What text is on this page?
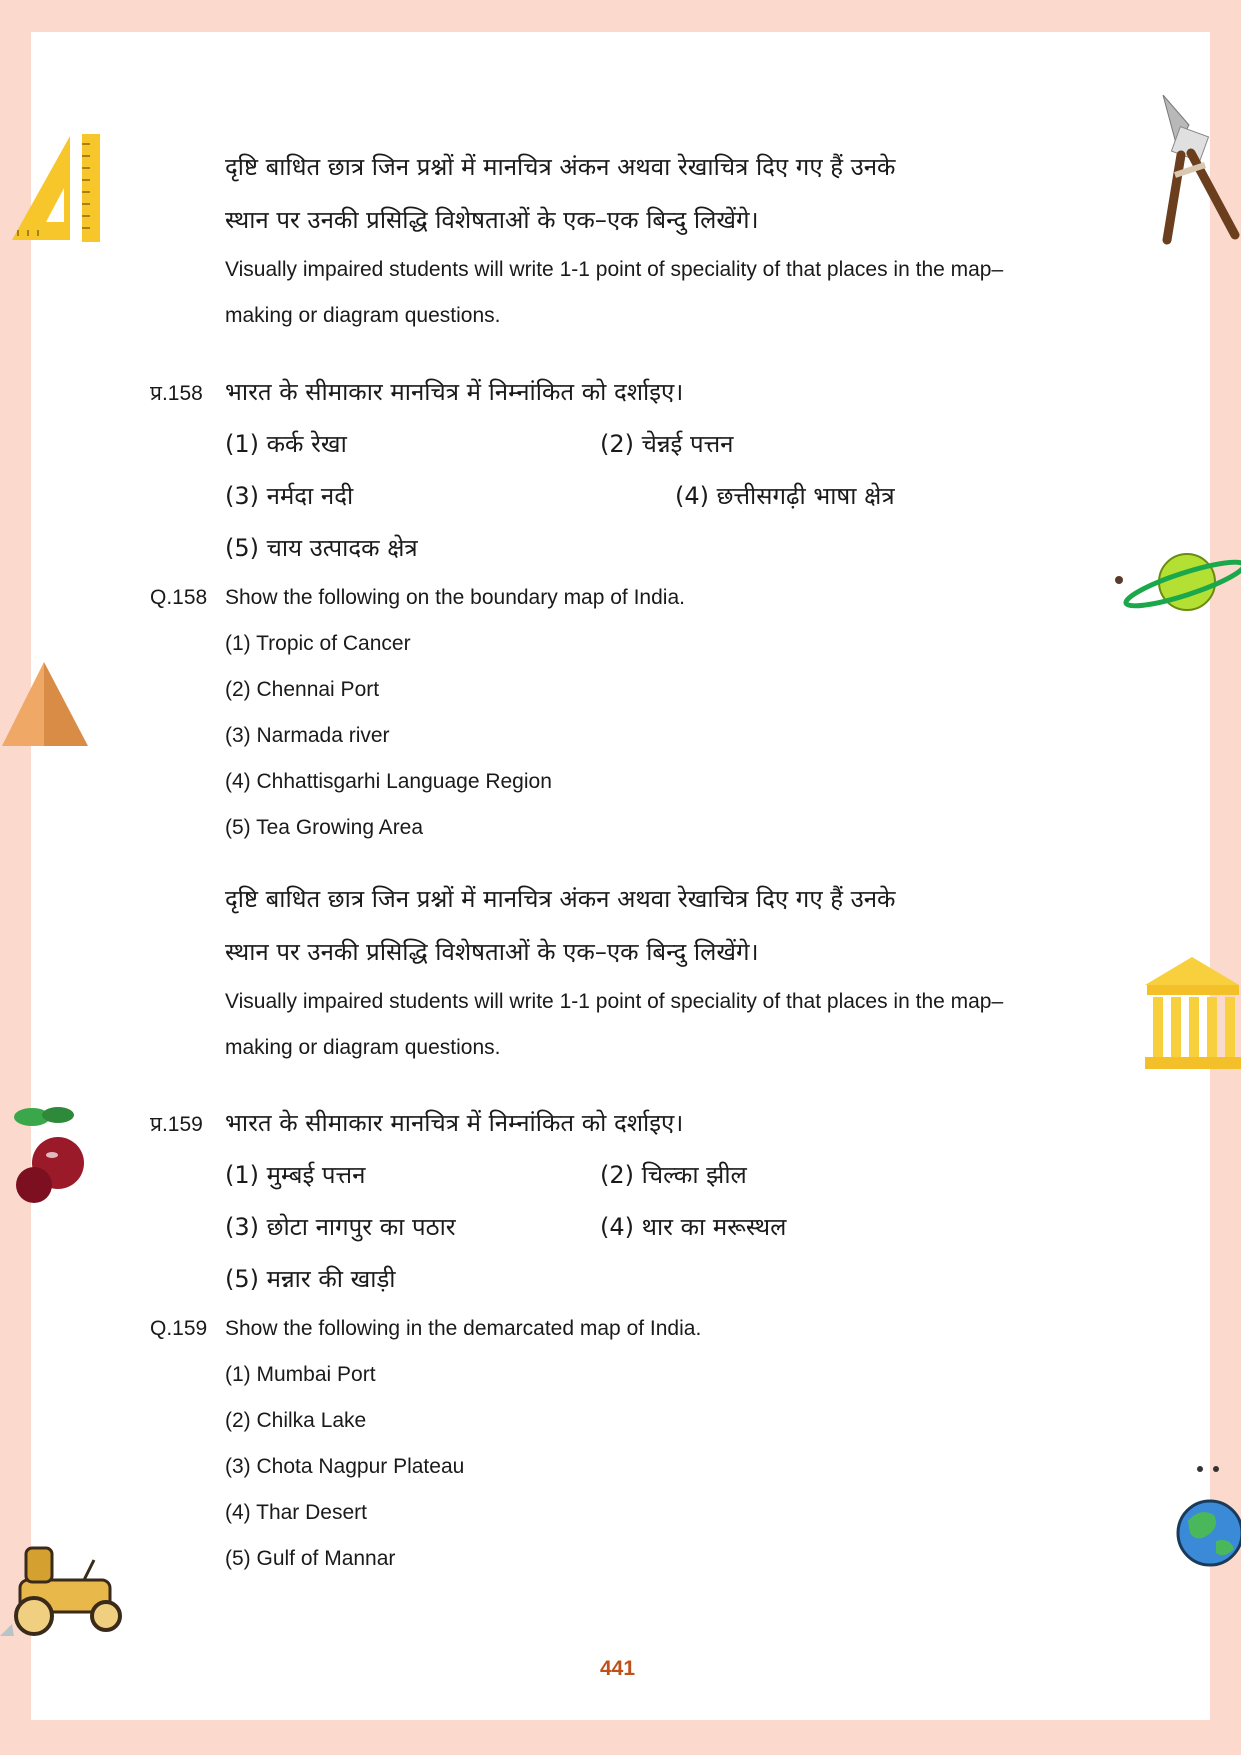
दृष्टि बाधित छात्र जिन प्रश्नों में मानचित्र अंकन अथवा रेखाचित्र दिए गए हैं उनके
स्थान पर उनकी प्रसिद्धि विशेषताओं के एक–एक बिन्दु लिखेंगे।
Visually impaired students will write 1-1 point of speciality of that places in the map–
making or diagram questions.
प्र.158 भारत के सीमाकार मानचित्र में निम्नांकित को दर्शाइए।
(1) कर्क रेखा	(2) चेन्नई पत्तन
(3) नर्मदा नदी	(4) छत्तीसगढ़ी भाषा क्षेत्र
(5) चाय उत्पादक क्षेत्र
Q.158 Show the following on the boundary map of India.
(1) Tropic of Cancer
(2) Chennai Port
(3) Narmada river
(4) Chhattisgarhi Language Region
(5) Tea Growing Area
दृष्टि बाधित छात्र जिन प्रश्नों में मानचित्र अंकन अथवा रेखाचित्र दिए गए हैं उनके
स्थान पर उनकी प्रसिद्धि विशेषताओं के एक–एक बिन्दु लिखेंगे।
Visually impaired students will write 1-1 point of speciality of that places in the map–
making or diagram questions.
प्र.159 भारत के सीमाकार मानचित्र में निम्नांकित को दर्शाइए।
(1) मुम्बई पत्तन	(2) चिल्का झील
(3) छोटा नागपुर का पठार	(4) थार का मरूस्थल
(5) मन्नार की खाड़ी
Q.159 Show the following in the demarcated map of India.
(1) Mumbai Port
(2) Chilka Lake
(3) Chota Nagpur Plateau
(4) Thar Desert
(5) Gulf of Mannar
441
